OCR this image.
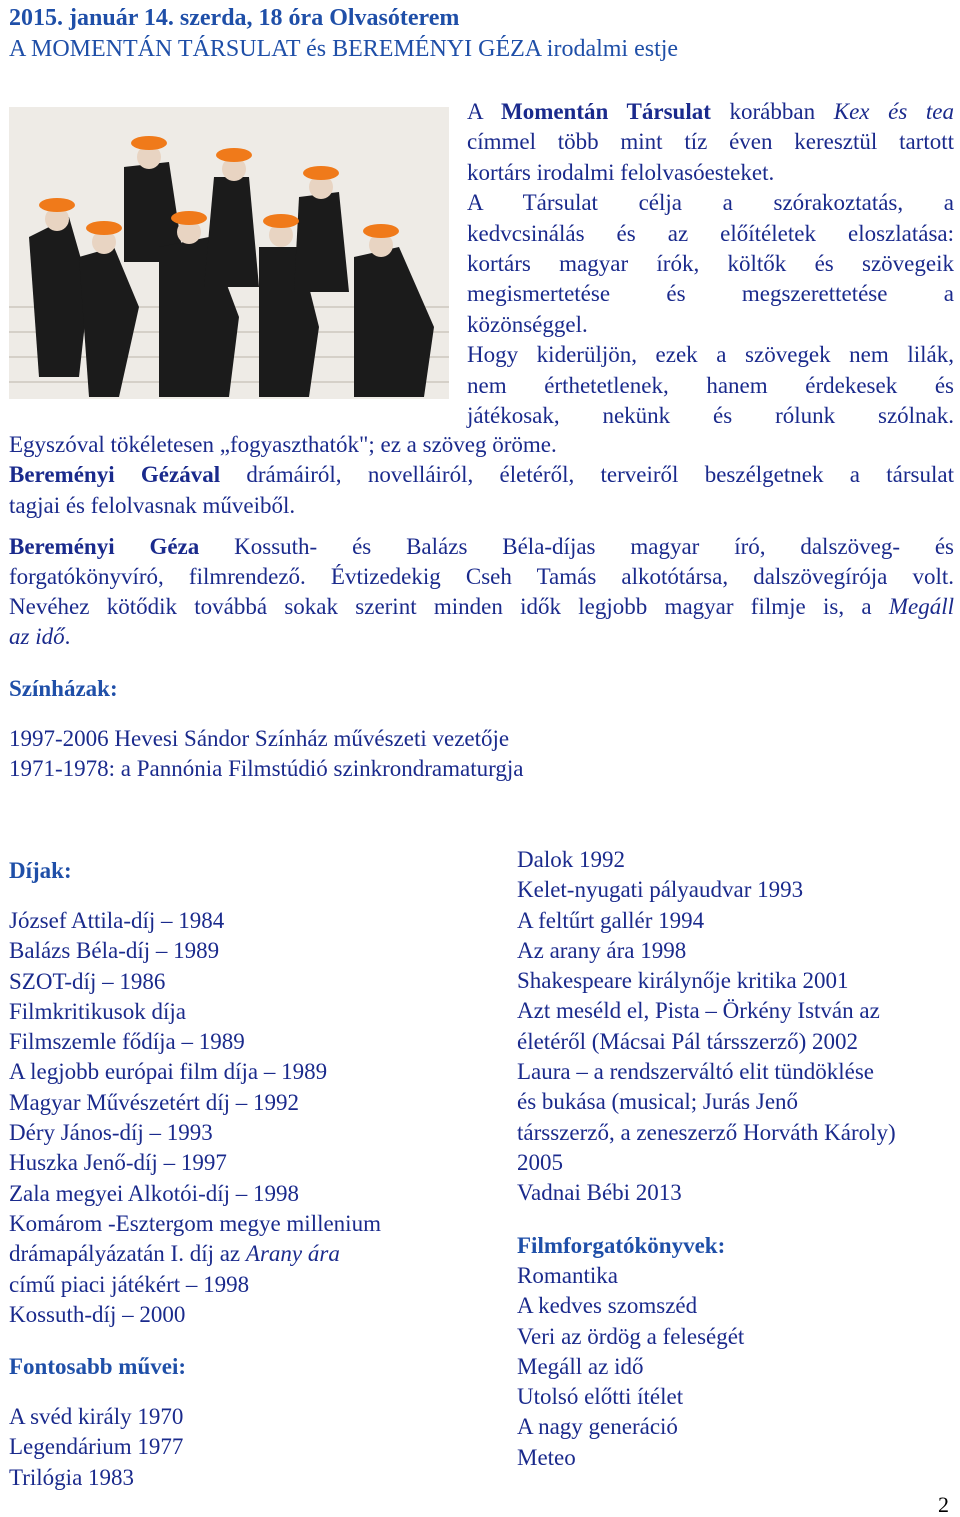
2015. január 14. szerda, 18 óra Olvasóterem
A MOMENTÁN TÁRSULAT és BEREMÉNYI GÉZA irodalmi estje
A Momentán Társulat korábban Kex és tea
címmel több mint tíz éven keresztül tartott
kortárs irodalmi felolvasóesteket.
A Társulat célja a szórakoztatás, a
kedvcsinálás és az előítéletek eloszlatása:
kortárs magyar írók, költők és szövegeik
megismertetése és megszerettetése a
közönséggel.
Hogy kiderüljön, ezek a szövegek nem lilák,
nem érthetetlenek, hanem érdekesek és
játékosak, nekünk és rólunk szólnak.
Egyszóval tökéletesen „fogyaszthatók"; ez a szöveg öröme.
Bereményi Gézával drámáiról, novelláiról, életéről, terveiről beszélgetnek a társulat
tagjai és felolvasnak műveiből.
Bereményi Géza Kossuth- és Balázs Béla-díjas magyar író, dalszöveg- és
forgatókönyvíró, filmrendező. Évtizedekig Cseh Tamás alkotótársa, dalszövegírója volt.
Nevéhez kötődik továbbá sokak szerint minden idők legjobb magyar filmje is, a Megáll
az idő.
Színházak:
1997-2006 Hevesi Sándor Színház művészeti vezetője
1971-1978: a Pannónia Filmstúdió szinkrondramaturgja
Díjak:
József Attila-díj – 1984
Balázs Béla-díj – 1989
SZOT-díj – 1986
Filmkritikusok díja
Filmszemle fődíja – 1989
A legjobb európai film díja – 1989
Magyar Művészetért díj – 1992
Déry János-díj – 1993
Huszka Jenő-díj – 1997
Zala megyei Alkotói-díj – 1998
Komárom -Esztergom megye millenium
drámapályázatán I. díj az Arany ára
című piaci játékért – 1998
Kossuth-díj – 2000
Fontosabb művei:
A svéd király 1970
Legendárium 1977
Trilógia 1983
Dalok 1992
Kelet-nyugati pályaudvar 1993
A feltűrt gallér 1994
Az arany ára 1998
Shakespeare királynője kritika 2001
Azt meséld el, Pista – Örkény István az
életéről (Mácsai Pál társszerző) 2002
Laura – a rendszerváltó elit tündöklése
és bukása (musical; Jurás Jenő
társszerző, a zeneszerző Horváth Károly)
2005
Vadnai Bébi 2013
Filmforgatókönyvek:
Romantika
A kedves szomszéd
Veri az ördög a feleségét
Megáll az idő
Utolsó előtti ítélet
A nagy generáció
Meteo
2
